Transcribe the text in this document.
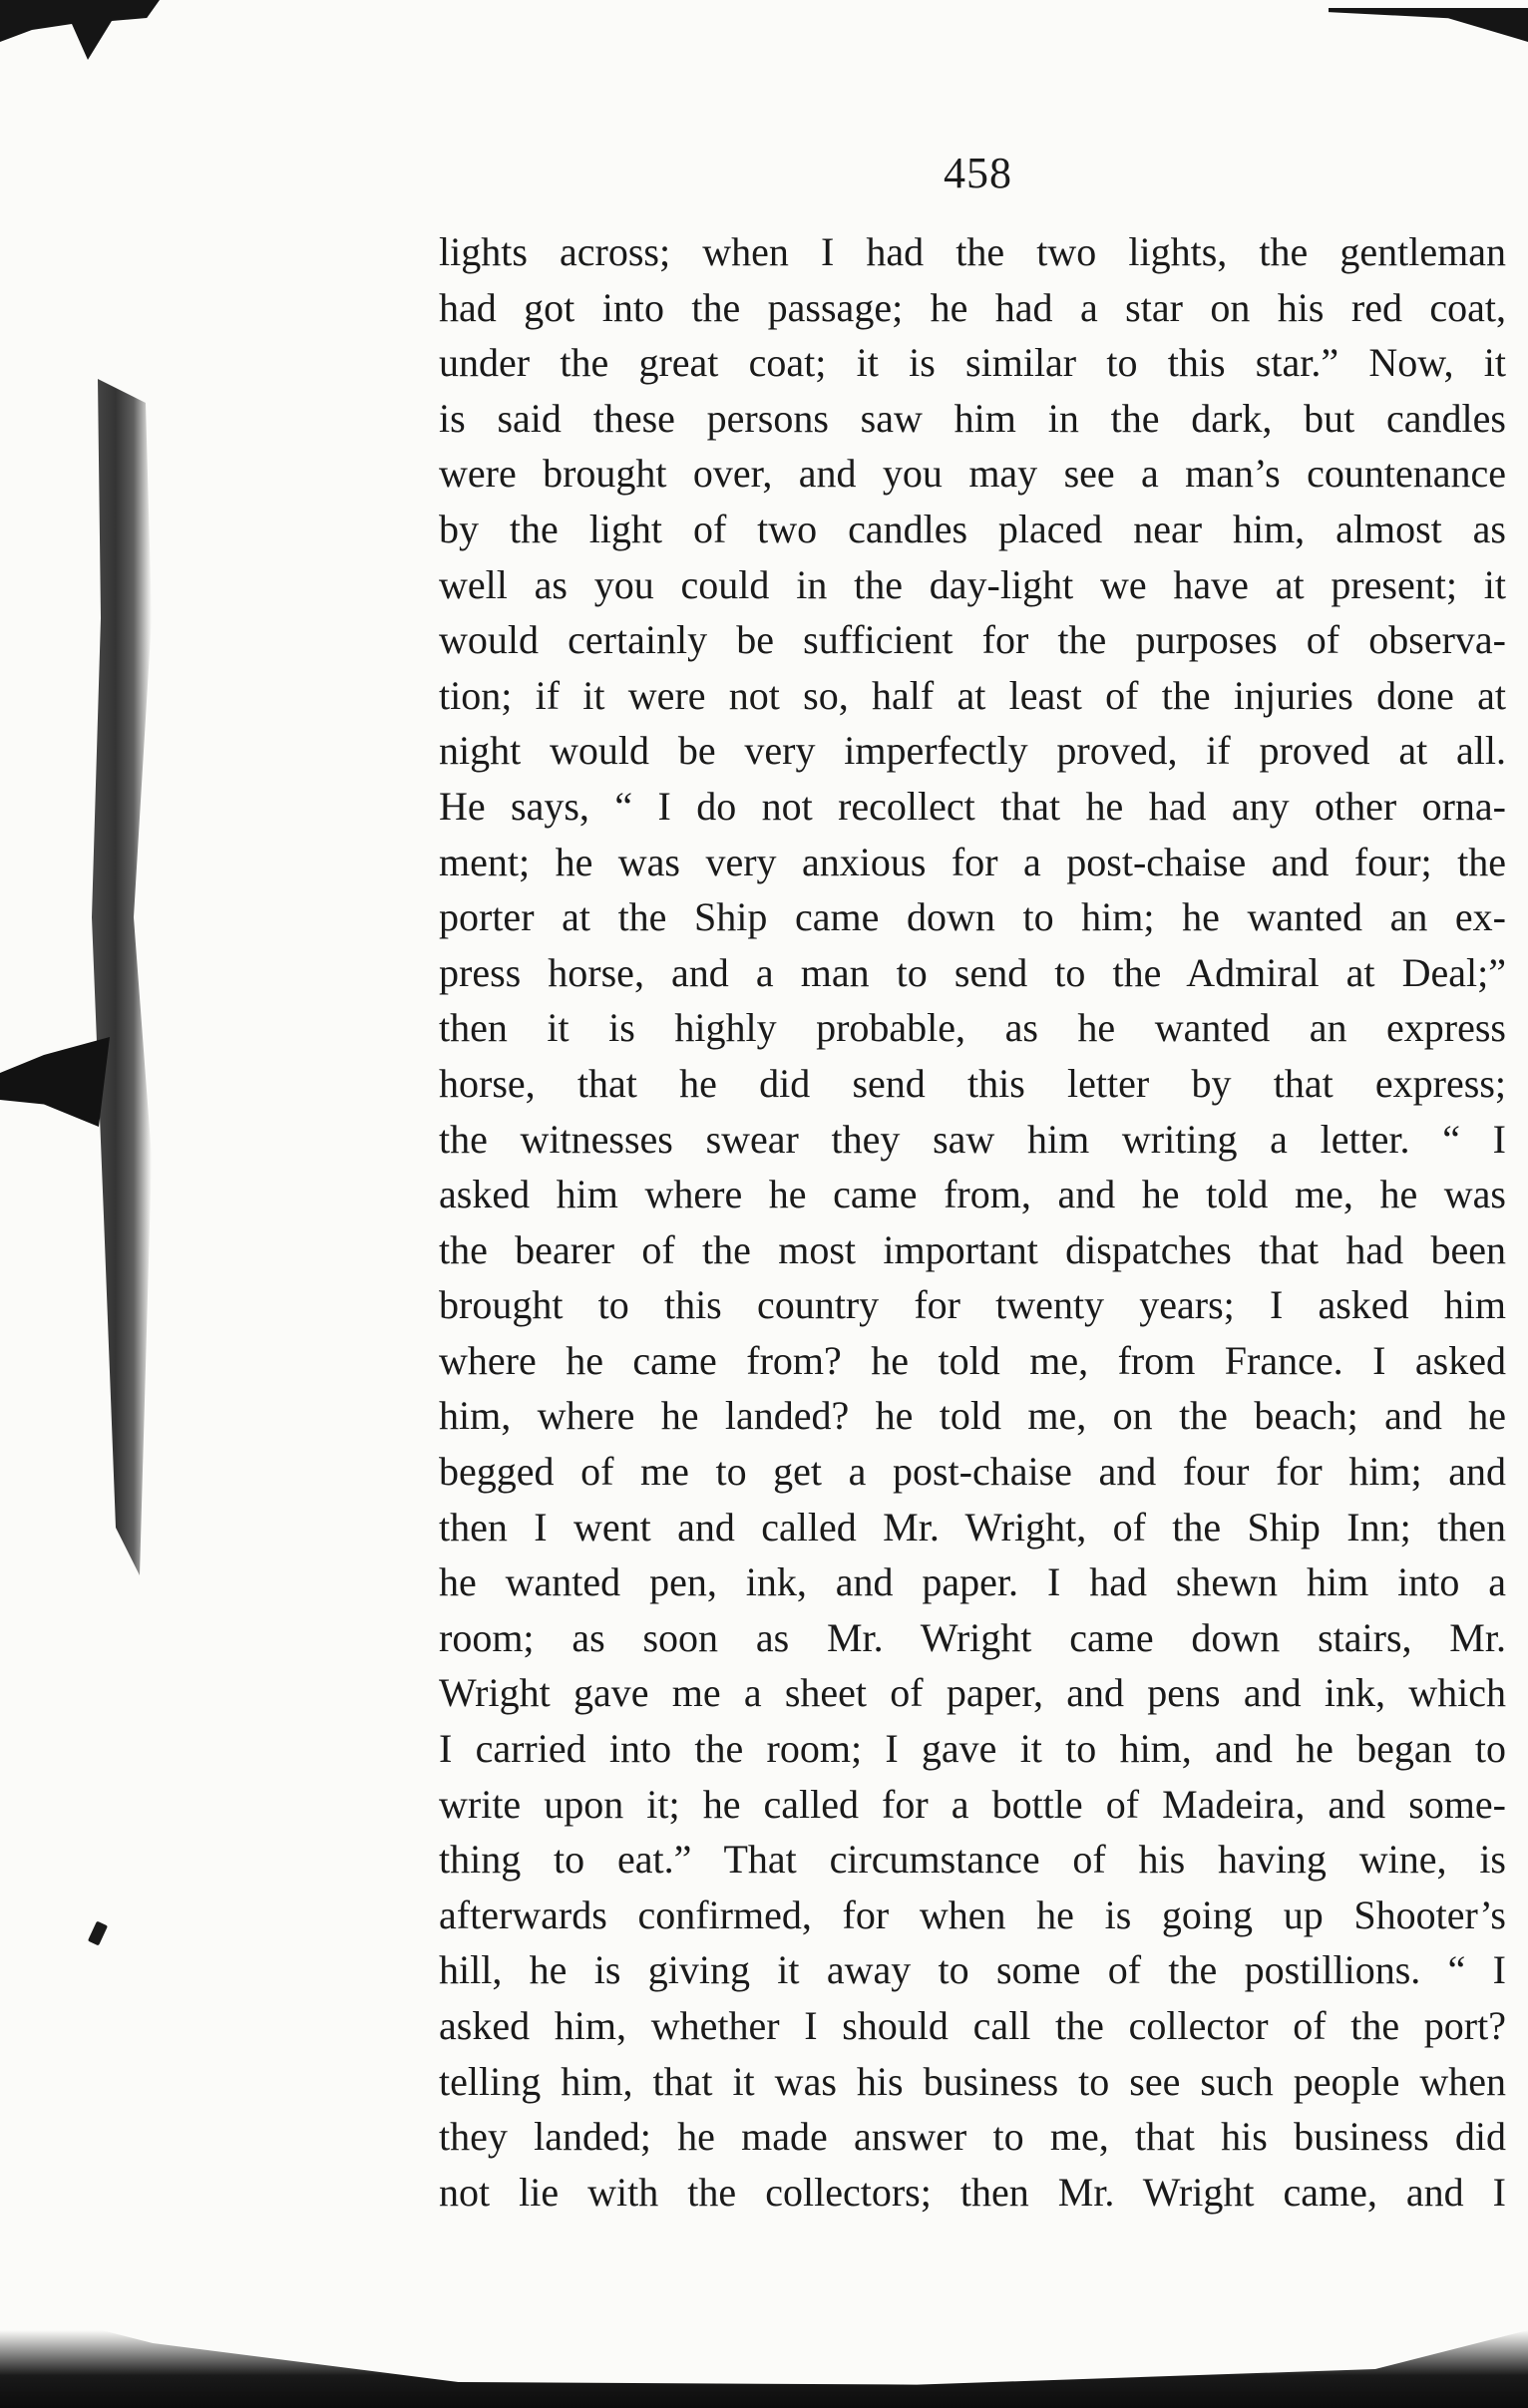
458
lights across; when I had the two lights, the gentleman
had got into the passage; he had a star on his red coat,
under the great coat; it is similar to this star.” Now, it
is said these persons saw him in the dark, but candles
were brought over, and you may see a man’s countenance
by the light of two candles placed near him, almost as
well as you could in the day-light we have at present; it
would certainly be sufficient for the purposes of observa-
tion; if it were not so, half at least of the injuries done at
night would be very imperfectly proved, if proved at all.
He says, “ I do not recollect that he had any other orna-
ment; he was very anxious for a post-chaise and four; the
porter at the Ship came down to him; he wanted an ex-
press horse, and a man to send to the Admiral at Deal;”
then it is highly probable, as he wanted an express
horse, that he did send this letter by that express;
the witnesses swear they saw him writing a letter. “ I
asked him where he came from, and he told me, he was
the bearer of the most important dispatches that had been
brought to this country for twenty years; I asked him
where he came from? he told me, from France. I asked
him, where he landed? he told me, on the beach; and he
begged of me to get a post-chaise and four for him; and
then I went and called Mr. Wright, of the Ship Inn; then
he wanted pen, ink, and paper. I had shewn him into a
room; as soon as Mr. Wright came down stairs, Mr.
Wright gave me a sheet of paper, and pens and ink, which
I carried into the room; I gave it to him, and he began to
write upon it; he called for a bottle of Madeira, and some-
thing to eat.” That circumstance of his having wine, is
afterwards confirmed, for when he is going up Shooter’s
hill, he is giving it away to some of the postillions. “ I
asked him, whether I should call the collector of the port?
telling him, that it was his business to see such people when
they landed; he made answer to me, that his business did
not lie with the collectors; then Mr. Wright came, and I
